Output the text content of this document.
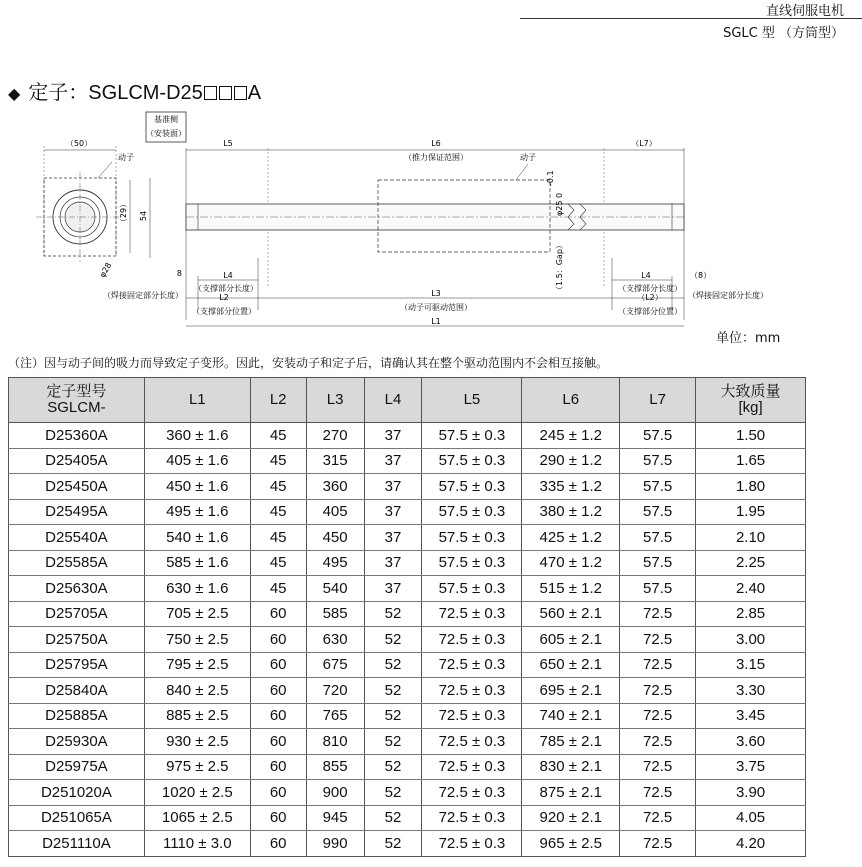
直线伺服电机
SGLC 型 （方筒型）
◆ 定子：SGLCM-D25 A
基准侧
（安装面）
（50）
动子
（29） 54
φ28
L5	L6
（推力保证范围）
（L7）
动子
φ25 0
-0.1
（1.5：Gap）
8
（焊接固定部分长度）
L4
（支撑部分长度）
L2
（支撑部分位置）
L3
（动子可驱动范围）
L1
L4
（支撑部分长度）
（L2）
（支撑部分位置）
（8）
（焊接固定部分长度）
单位：mm
（注）因与动子间的吸力而导致定子变形。因此，安装动子和定子后，请确认其在整个驱动范围内不会相互接触。
定子型号
SGLCM-	L1	L2	L3	L4	L5	L6	L7	大致质量
[kg]
D25360A	360 ± 1.6	45	270	37	57.5 ± 0.3	245 ± 1.2	57.5	1.50
D25405A	405 ± 1.6	45	315	37	57.5 ± 0.3	290 ± 1.2	57.5	1.65
D25450A	450 ± 1.6	45	360	37	57.5 ± 0.3	335 ± 1.2	57.5	1.80
D25495A	495 ± 1.6	45	405	37	57.5 ± 0.3	380 ± 1.2	57.5	1.95
D25540A	540 ± 1.6	45	450	37	57.5 ± 0.3	425 ± 1.2	57.5	2.10
D25585A	585 ± 1.6	45	495	37	57.5 ± 0.3	470 ± 1.2	57.5	2.25
D25630A	630 ± 1.6	45	540	37	57.5 ± 0.3	515 ± 1.2	57.5	2.40
D25705A	705 ± 2.5	60	585	52	72.5 ± 0.3	560 ± 2.1	72.5	2.85
D25750A	750 ± 2.5	60	630	52	72.5 ± 0.3	605 ± 2.1	72.5	3.00
D25795A	795 ± 2.5	60	675	52	72.5 ± 0.3	650 ± 2.1	72.5	3.15
D25840A	840 ± 2.5	60	720	52	72.5 ± 0.3	695 ± 2.1	72.5	3.30
D25885A	885 ± 2.5	60	765	52	72.5 ± 0.3	740 ± 2.1	72.5	3.45
D25930A	930 ± 2.5	60	810	52	72.5 ± 0.3	785 ± 2.1	72.5	3.60
D25975A	975 ± 2.5	60	855	52	72.5 ± 0.3	830 ± 2.1	72.5	3.75
D251020A	1020 ± 2.5	60	900	52	72.5 ± 0.3	875 ± 2.1	72.5	3.90
D251065A	1065 ± 2.5	60	945	52	72.5 ± 0.3	920 ± 2.1	72.5	4.05
D251110A	1110 ± 3.0	60	990	52	72.5 ± 0.3	965 ± 2.5	72.5	4.20
